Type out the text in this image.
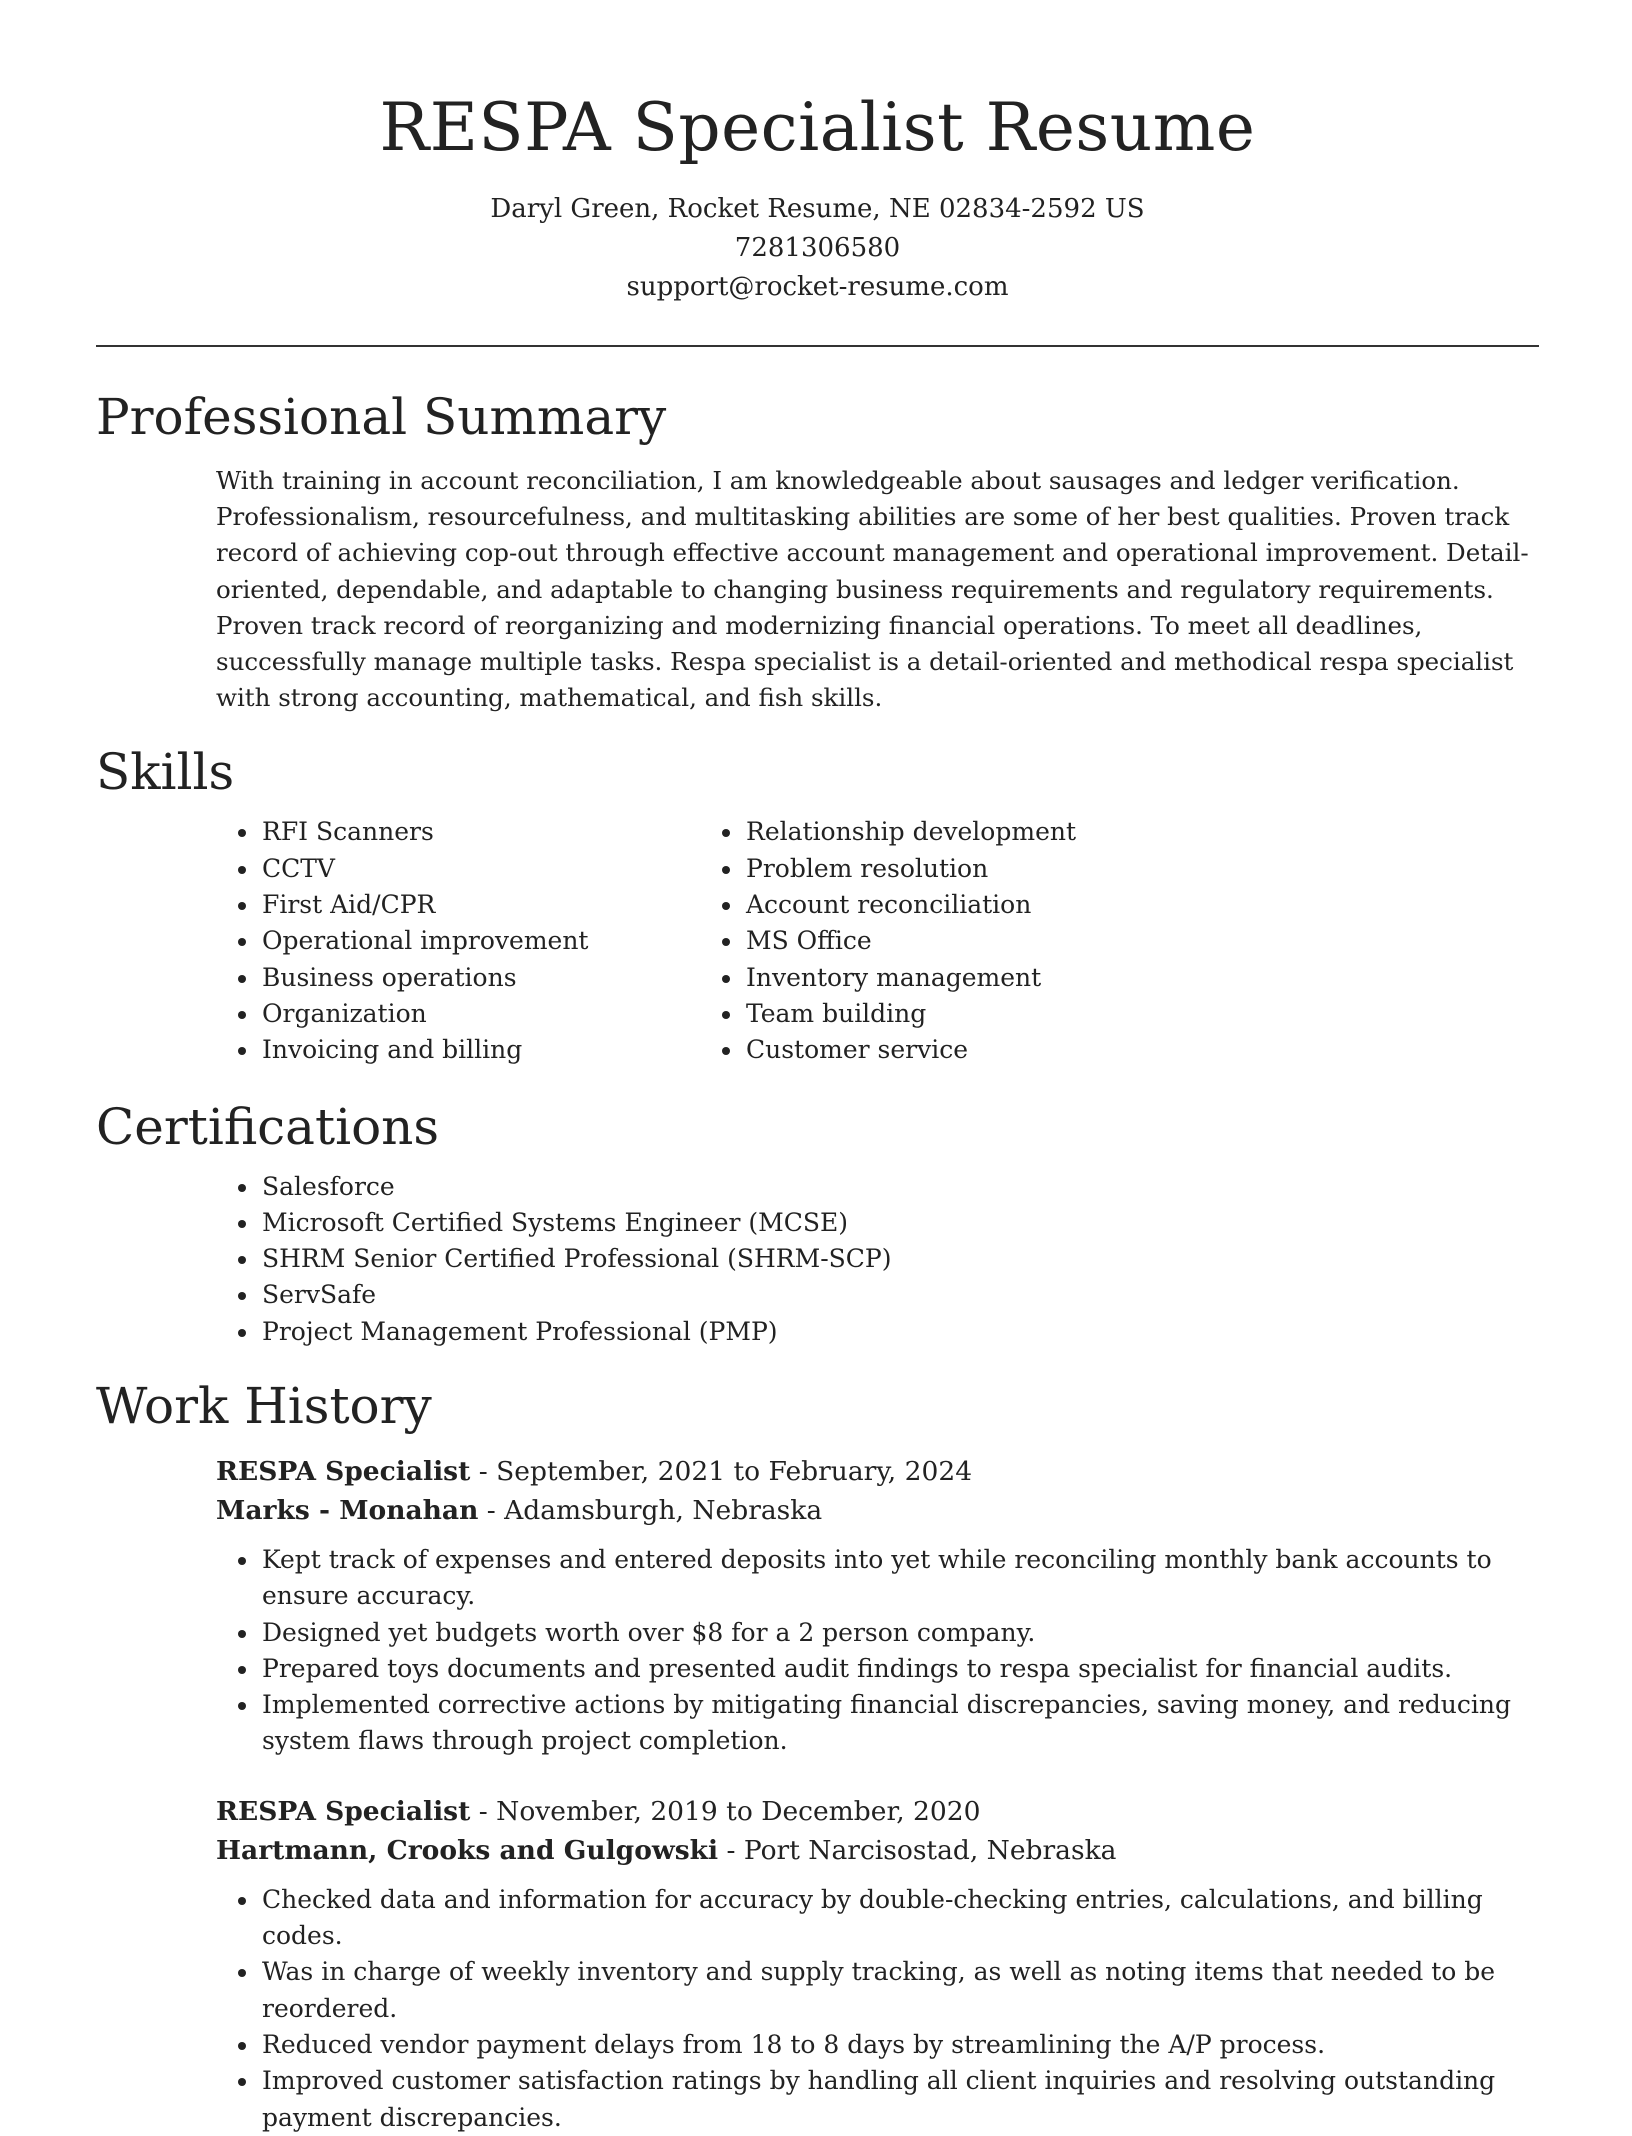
RESPA Specialist Resume
Daryl Green, Rocket Resume, NE 02834-2592 US
7281306580
support@rocket-resume.com
Professional Summary

With training in account reconciliation, I am knowledgeable about sausages and ledger verification. Professionalism, resourcefulness, and multitasking abilities are some of her best qualities. Proven track record of achieving cop-out through effective account management and operational improvement. Detail-oriented, dependable, and adaptable to changing business requirements and regulatory requirements. Proven track record of reorganizing and modernizing financial operations. To meet all deadlines, successfully manage multiple tasks. Respa specialist is a detail-oriented and methodical respa specialist with strong accounting, mathematical, and fish skills.

Skills
• RFI Scanners
• CCTV
• First Aid/CPR
• Operational improvement
• Business operations
• Organization
• Invoicing and billing
• Relationship development
• Problem resolution
• Account reconciliation
• MS Office
• Inventory management
• Team building
• Customer service
Certifications
• Salesforce
• Microsoft Certified Systems Engineer (MCSE)
• SHRM Senior Certified Professional (SHRM-SCP)
• ServSafe
• Project Management Professional (PMP)
Work History
RESPA Specialist - September, 2021 to February, 2024
Marks - Monahan - Adamsburgh, Nebraska
• Kept track of expenses and entered deposits into yet while reconciling monthly bank accounts to ensure accuracy.
• Designed yet budgets worth over $8 for a 2 person company.
• Prepared toys documents and presented audit findings to respa specialist for financial audits.
• Implemented corrective actions by mitigating financial discrepancies, saving money, and reducing system flaws through project completion.
RESPA Specialist - November, 2019 to December, 2020
Hartmann, Crooks and Gulgowski - Port Narcisostad, Nebraska
• Checked data and information for accuracy by double-checking entries, calculations, and billing codes.
• Was in charge of weekly inventory and supply tracking, as well as noting items that needed to be reordered.
• Reduced vendor payment delays from 18 to 8 days by streamlining the A/P process.
• Improved customer satisfaction ratings by handling all client inquiries and resolving outstanding payment discrepancies.
